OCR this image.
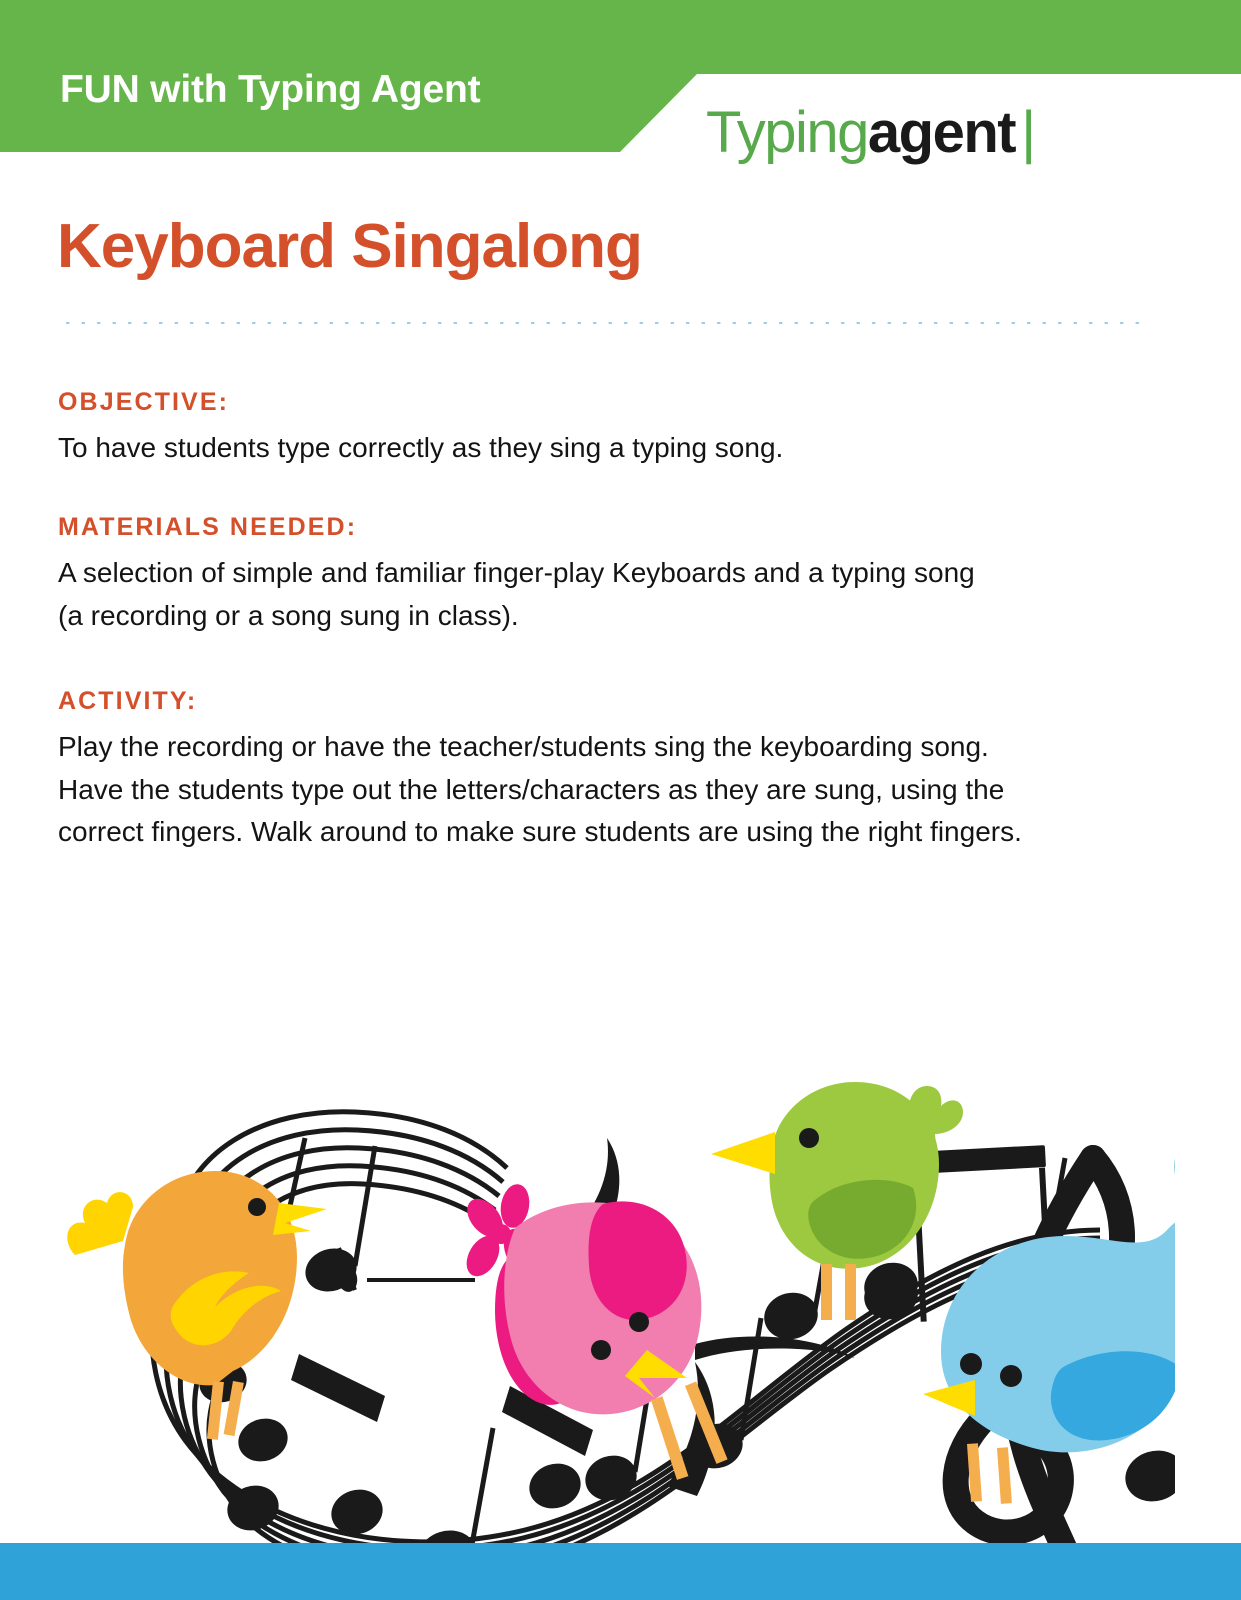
FUN with Typing Agent
Typingagent |
Keyboard Singalong
OBJECTIVE:
To have students type correctly as they sing a typing song.
MATERIALS NEEDED:
A selection of simple and familiar finger-play Keyboards and a typing song
(a recording or a song sung in class).
ACTIVITY:
Play the recording or have the teacher/students sing the keyboarding song.
Have the students type out the letters/characters as they are sung, using the
correct fingers. Walk around to make sure students are using the right fingers.
